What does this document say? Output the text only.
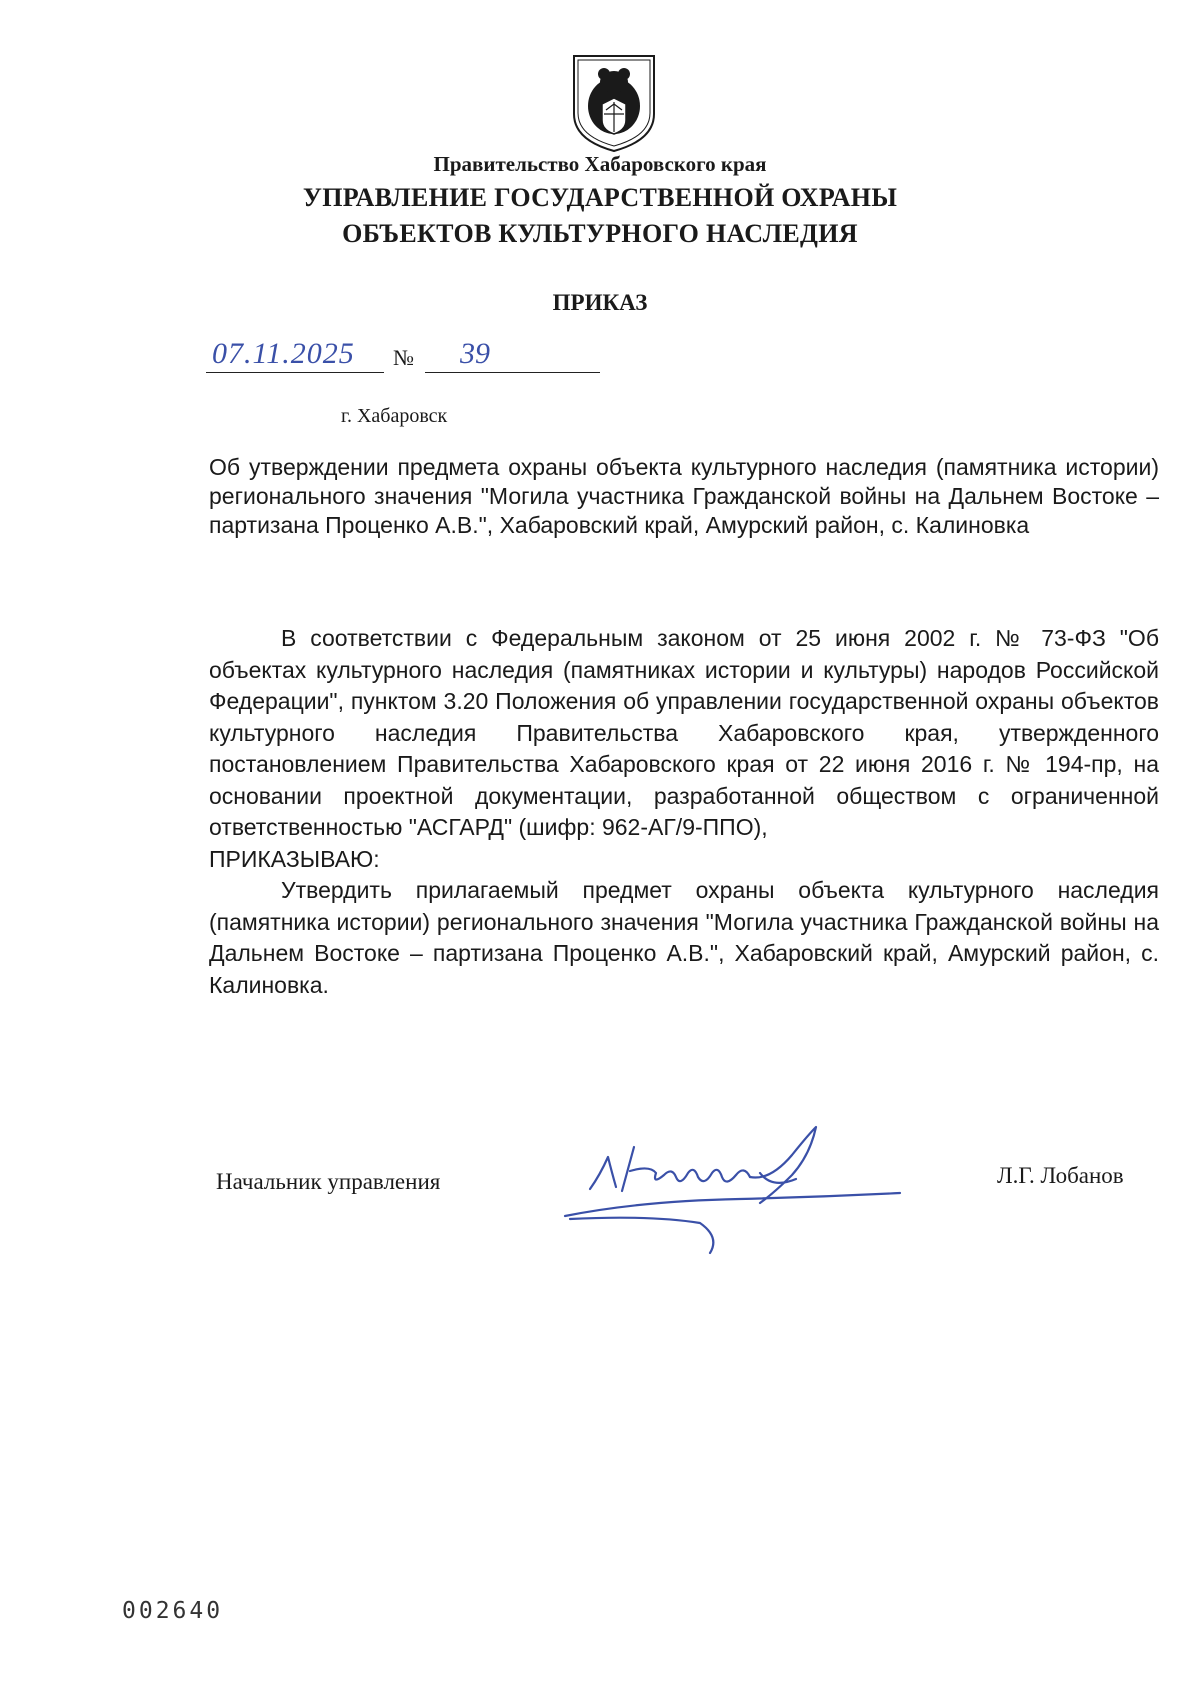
Правительство Хабаровского края
УПРАВЛЕНИЕ ГОСУДАРСТВЕННОЙ ОХРАНЫ
ОБЪЕКТОВ КУЛЬТУРНОГО НАСЛЕДИЯ
ПРИКАЗ
07.11.2025 № 39
г. Хабаровск

Об утверждении предмета охраны объекта культурного наследия (памятника истории) регионального значения "Могила участника Гражданской войны на Дальнем Востоке – партизана Проценко А.В.", Хабаровский край, Амурский район, с. Калиновка

В соответствии с Федеральным законом от 25 июня 2002 г. № 73-ФЗ "Об объектах культурного наследия (памятниках истории и культуры) народов Российской Федерации", пунктом 3.20 Положения об управлении государственной охраны объектов культурного наследия Правительства Хабаровского края, утвержденного постановлением Правительства Хабаровского края от 22 июня 2016 г. № 194-пр, на основании проектной документации, разработанной обществом с ограниченной ответственностью "АСГАРД" (шифр: 962-АГ/9-ППО),

ПРИКАЗЫВАЮ:

Утвердить прилагаемый предмет охраны объекта культурного наследия (памятника истории) регионального значения "Могила участника Гражданской войны на Дальнем Востоке – партизана Проценко А.В.", Хабаровский край, Амурский район, с. Калиновка.

Начальник управления	Л.Г. Лобанов
002640
